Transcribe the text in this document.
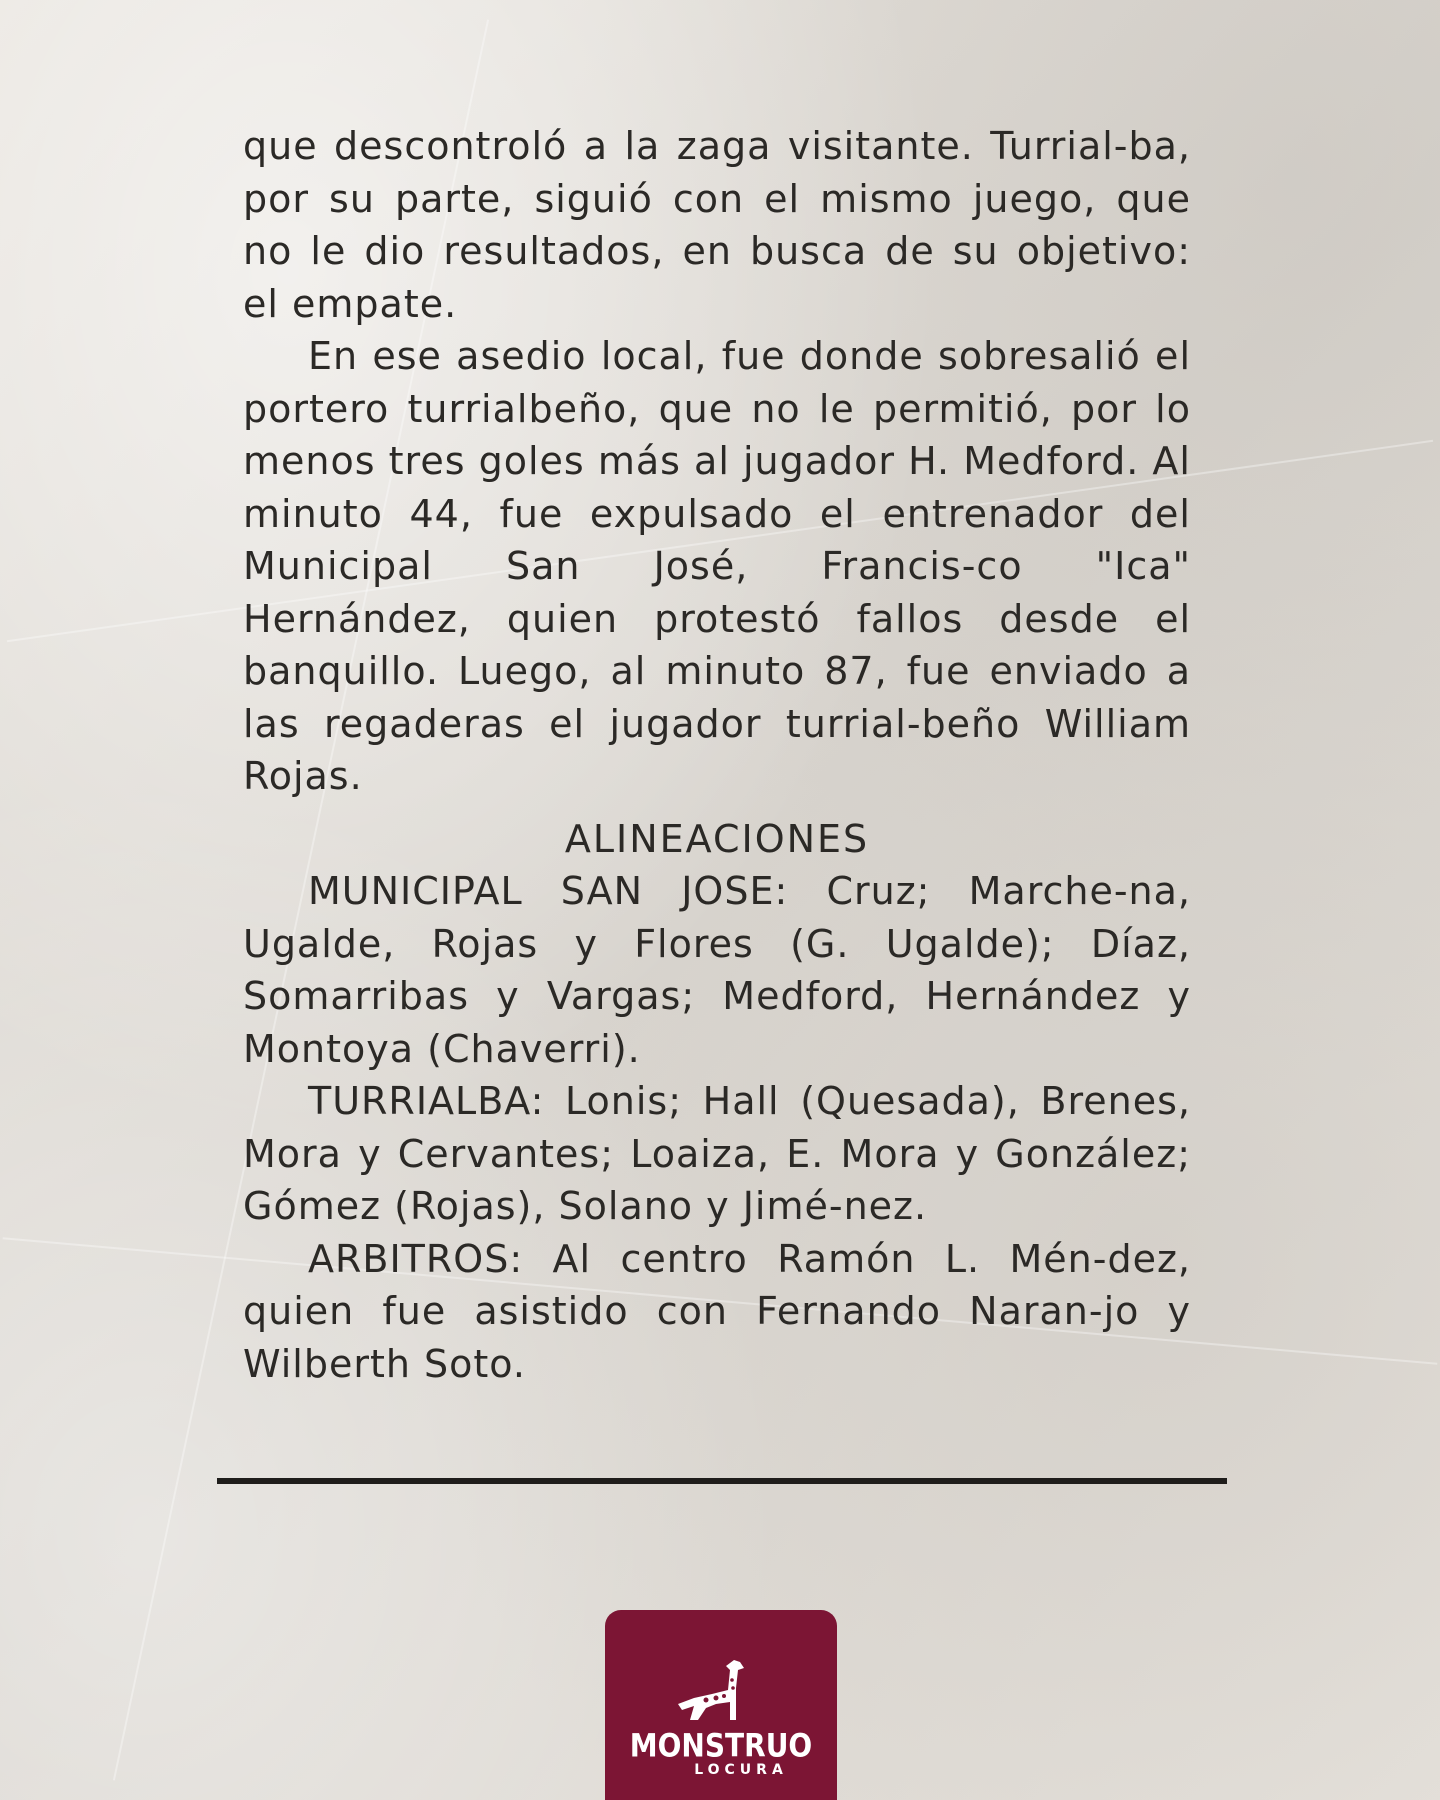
que descontroló a la zaga visitante. Turrial-ba, por su parte, siguió con el mismo juego, que no le dio resultados, en busca de su objetivo: el empate.

En ese asedio local, fue donde sobresalió el portero turrialbeño, que no le permitió, por lo menos tres goles más al jugador H. Medford. Al minuto 44, fue expulsado el entrenador del Municipal San José, Francis-co "Ica" Hernández, quien protestó fallos desde el banquillo. Luego, al minuto 87, fue enviado a las regaderas el jugador turrial-beño William Rojas.

ALINEACIONES

MUNICIPAL SAN JOSE: Cruz; Marche-na, Ugalde, Rojas y Flores (G. Ugalde); Díaz, Somarribas y Vargas; Medford, Hernández y Montoya (Chaverri).

TURRIALBA: Lonis; Hall (Quesada), Brenes, Mora y Cervantes; Loaiza, E. Mora y González; Gómez (Rojas), Solano y Jimé-nez.

ARBITROS: Al centro Ramón L. Mén-dez, quien fue asistido con Fernando Naran-jo y Wilberth Soto.

MONSTRUO
LOCURA
